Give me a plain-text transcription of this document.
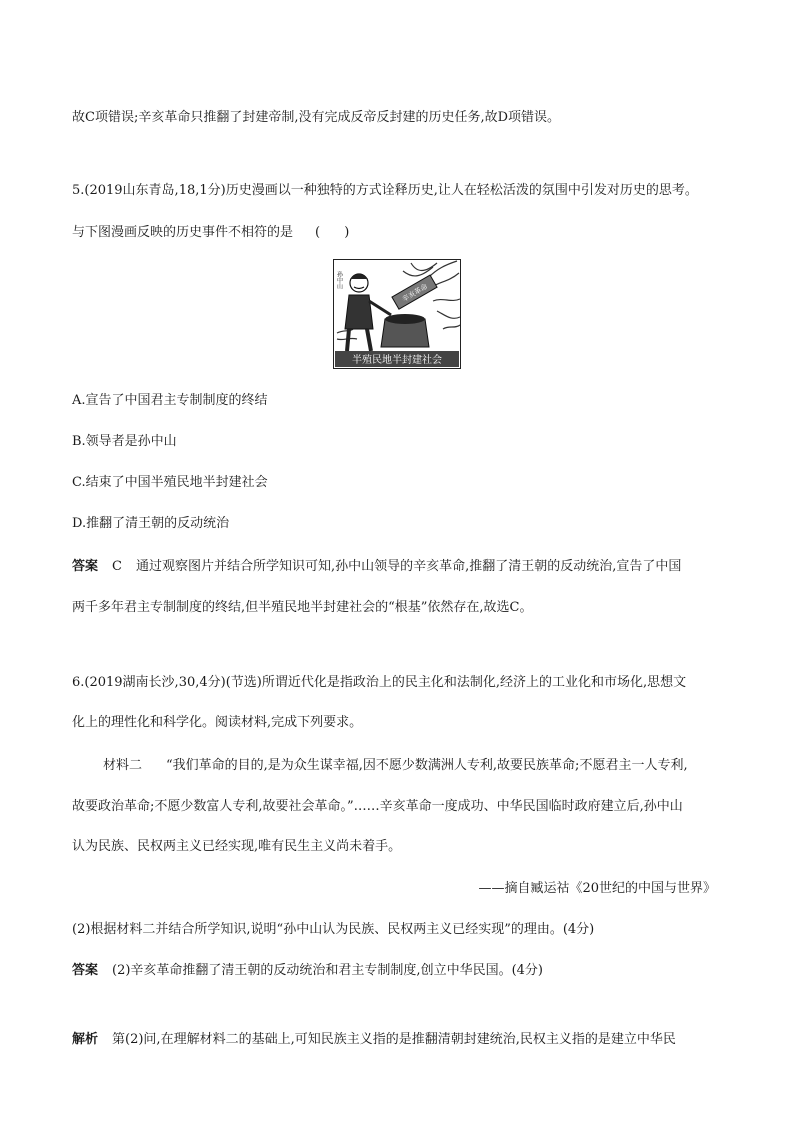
故C项错误;辛亥革命只推翻了封建帝制,没有完成反帝反封建的历史任务,故D项错误。
5.(2019山东青岛,18,1分)历史漫画以一种独特的方式诠释历史,让人在轻松活泼的氛围中引发对历史的思考。
与下图漫画反映的历史事件不相符的是 ( )
辛亥革命
孙中山
半殖民地半封建社会
A.宣告了中国君主专制制度的终结
B.领导者是孙中山
C.结束了中国半殖民地半封建社会
D.推翻了清王朝的反动统治
答案 C 通过观察图片并结合所学知识可知,孙中山领导的辛亥革命,推翻了清王朝的反动统治,宣告了中国
两千多年君主专制制度的终结,但半殖民地半封建社会的“根基”依然存在,故选C。
6.(2019湖南长沙,30,4分)(节选)所谓近代化是指政治上的民主化和法制化,经济上的工业化和市场化,思想文
化上的理性化和科学化。阅读材料,完成下列要求。
材料二 “我们革命的目的,是为众生谋幸福,因不愿少数满洲人专利,故要民族革命;不愿君主一人专利,
故要政治革命;不愿少数富人专利,故要社会革命。”……辛亥革命一度成功、中华民国临时政府建立后,孙中山
认为民族、民权两主义已经实现,唯有民生主义尚未着手。
——摘自臧运祜《20世纪的中国与世界》
(2)根据材料二并结合所学知识,说明“孙中山认为民族、民权两主义已经实现”的理由。(4分)
答案 (2)辛亥革命推翻了清王朝的反动统治和君主专制制度,创立中华民国。(4分)
解析 第(2)问,在理解材料二的基础上,可知民族主义指的是推翻清朝封建统治,民权主义指的是建立中华民
